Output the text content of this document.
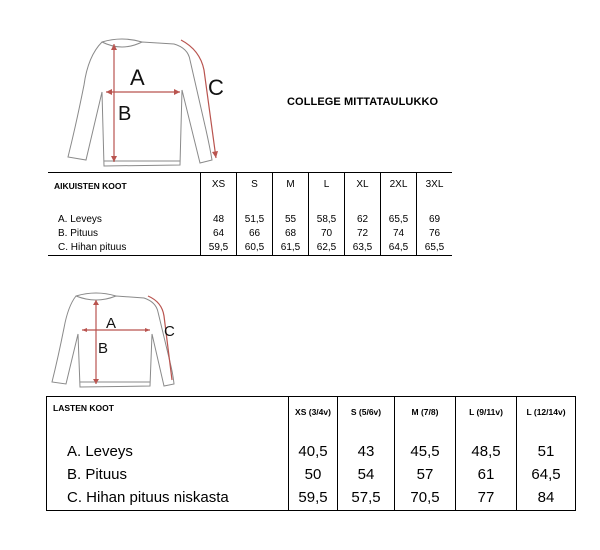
A
B
C
COLLEGE MITTATAULUKKO
AIKUISTEN KOOT	XS	S	M	L	XL	2XL	3XL
A. Leveys	48	51,5	55	58,5	62	65,5	69
B. Pituus	64	66	68	70	72	74	76
C. Hihan pituus	59,5	60,5	61,5	62,5	63,5	64,5	65,5
A
B
C
LASTEN KOOT	XS (3/4v)	S (5/6v)	M (7/8)	L (9/11v)	L (12/14v)
A. Leveys	40,5	43	45,5	48,5	51
B. Pituus	50	54	57	61	64,5
C. Hihan pituus niskasta	59,5	57,5	70,5	77	84
